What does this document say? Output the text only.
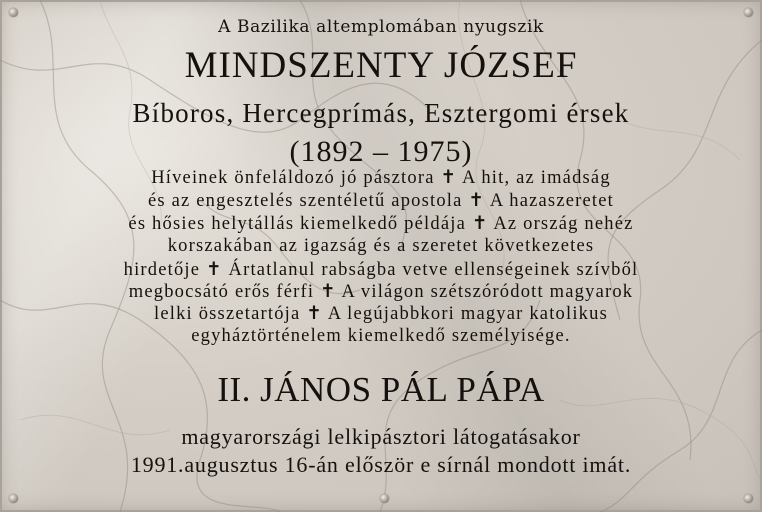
A Bazilika altemplomában nyugszik
MINDSZENTY JÓZSEF
Bíboros, Hercegprímás, Esztergomi érsek
(1892 – 1975)
Híveinek önfeláldozó jó pásztora ✝ A hit, az imádság
és az engesztelés szentéletű apostola ✝ A hazaszeretet
és hősies helytállás kiemelkedő példája ✝ Az ország nehéz
korszakában az igazság és a szeretet következetes
hirdetője ✝ Ártatlanul rabságba vetve ellenségeinek szívből
megbocsátó erős férfi ✝ A világon szétszóródott magyarok
lelki összetartója ✝ A legújabbkori magyar katolikus
egyháztörténelem kiemelkedő személyisége.
II. JÁNOS PÁL PÁPA
magyarországi lelkipásztori látogatásakor
1991.augusztus 16-án először e sírnál mondott imát.
